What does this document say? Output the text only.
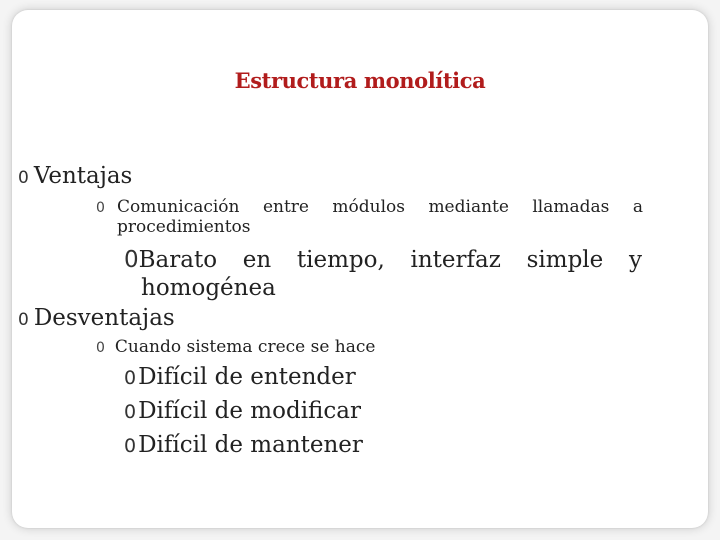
Estructura monolítica
0 Ventajas
0 Comunicación entre módulos mediante llamadas a
procedimientos
0Barato en tiempo, interfaz simple y
homogénea
0 Desventajas
0 Cuando sistema crece se hace
0Difícil de entender
0Difícil de modificar
0Difícil de mantener
